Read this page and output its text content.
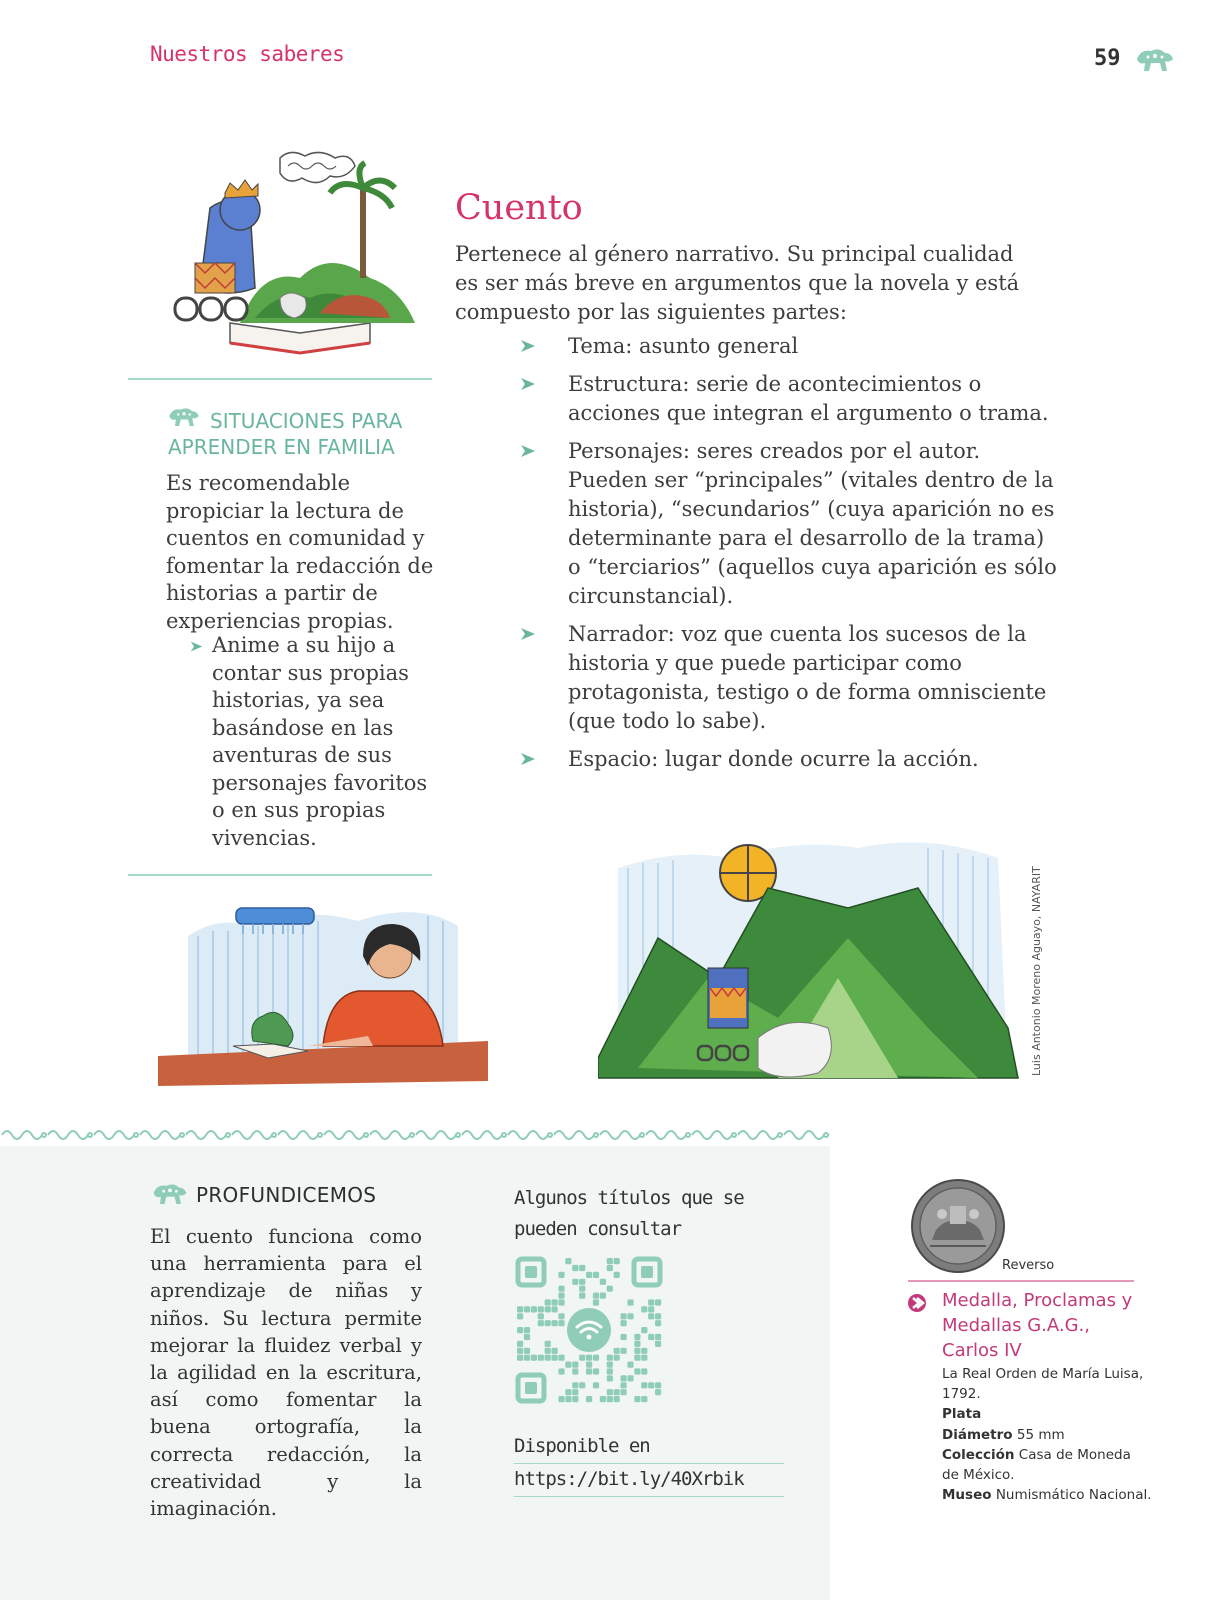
Nuestros saberes	59
Cuento

Pertenece al género narrativo. Su principal cualidad es ser más breve en argumentos que la novela y está compuesto por las siguientes partes:

Tema: asunto general
Estructura: serie de acontecimientos o acciones que integran el argumento o trama.
Personajes: seres creados por el autor. Pueden ser “principales” (vitales dentro de la historia), “secundarios” (cuya aparición no es determinante para el desarrollo de la trama) o “terciarios” (aquellos cuya aparición es sólo circunstancial).
Narrador: voz que cuenta los sucesos de la historia y que puede participar como protagonista, testigo o de forma omnisciente (que todo lo sabe).
Espacio: lugar donde ocurre la acción.
SITUACIONES PARA APRENDER EN FAMILIA

Es recomendable propiciar la lectura de cuentos en comunidad y fomentar la redacción de historias a partir de experiencias propias.

Anime a su hijo a contar sus propias historias, ya sea basándose en las aventuras de sus personajes favoritos o en sus propias vivencias.
Luis Antonio Moreno Aguayo, NAYARIT
PROFUNDICEMOS

El cuento funciona como una herramienta para el aprendizaje de niñas y niños. Su lectura permite mejorar la fluidez verbal y la agilidad en la escritura, así como fomentar la buena ortografía, la correcta redacción, la creatividad y la imaginación.

Algunos títulos que se pueden consultar
Disponible en
https://bit.ly/40Xrbik
Reverso
Medalla, Proclamas y Medallas G.A.G., Carlos IV
La Real Orden de María Luisa, 1792.
Plata
Diámetro 55 mm
Colección Casa de Moneda de México.
Museo Numismático Nacional.
